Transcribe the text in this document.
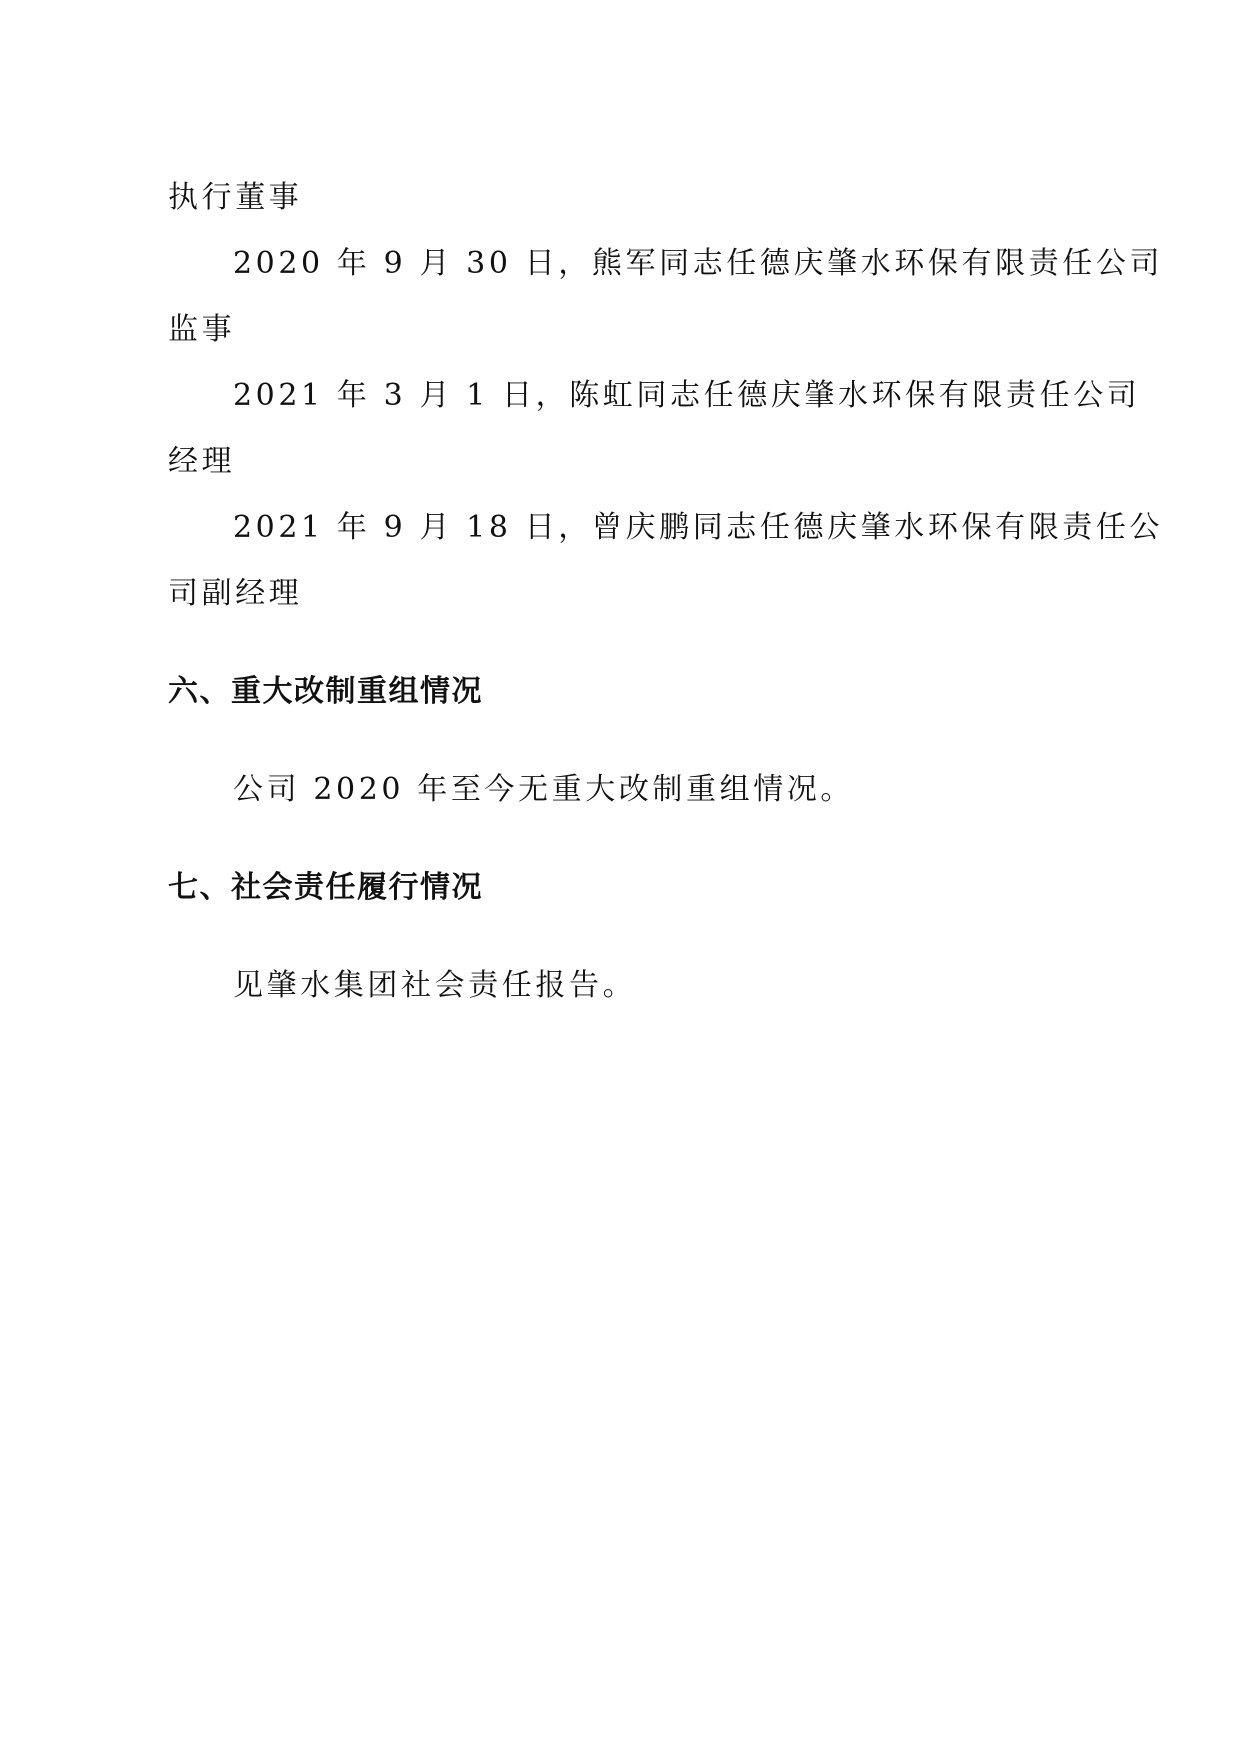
执行董事
2020 年 9 月 30 日，熊军同志任德庆肇水环保有限责任公司
监事
2021 年 3 月 1 日，陈虹同志任德庆肇水环保有限责任公司
经理
2021 年 9 月 18 日，曾庆鹏同志任德庆肇水环保有限责任公
司副经理
六、重大改制重组情况
公司 2020 年至今无重大改制重组情况。
七、社会责任履行情况
见肇水集团社会责任报告。
